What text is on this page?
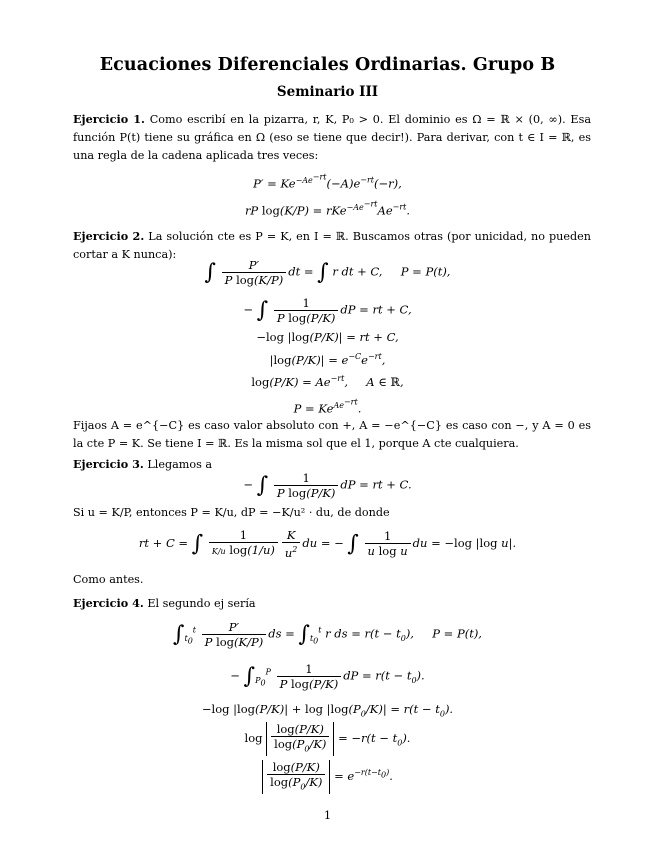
Ecuaciones Diferenciales Ordinarias. Grupo B
Seminario III
Ejercicio 1. Como escribí en la pizarra, r, K, P₀ > 0. El dominio es Ω = ℝ × (0, ∞). Esa función P(t) tiene su gráfica en Ω (eso se tiene que decir!). Para derivar, con t ∈ I = ℝ, es una regla de la cadena aplicada tres veces:
$P' = Ke^{-Ae^{-rt}}(-A)e^{-rt}(-r)$,
rP $\log(K/P) = rKe^{-Ae^{-rt}}Ae^{-rt}$.
Ejercicio 2. La solución cte es P = K, en I = ℝ. Buscamos otras (por unicidad, no pueden cortar a K nunca):
∫ $\frac{P'}{\text{P log(K/P)}}$ dt = ∫ r dt + C,     P = P(t),
− ∫ $\frac{1}{\text{P log(P/K)}}$ dP = rt + C,
−log |log(P/K)| = rt + C,
$|\log(P/K)| = e^{-C}e^{-rt}$,
$\log(P/K) = Ae^{-rt}$,     A ∈ ℝ,
$P = Ke^{Ae^{-rt}}$.
Fijaos A = e^{−C} es caso valor absoluto con +, A = −e^{−C} es caso con −, y A = 0 es la cte P = K. Se tiene I = ℝ. Es la misma sol que el 1, porque A cte cualquiera.
Ejercicio 3. Llegamos a
− ∫ $\frac{1}{\text{P log(P/K)}}$ dP = rt + C.
Si u = K/P, entonces P = K/u, dP = −K/u² · du, de donde
rt + C = ∫ $\frac{1}{\text{K/u log(1/u)}} \frac{K}{u^2}$ du = − ∫ $\frac{1}{\text{u log u}}$ du = −log |log u|.
Como antes.
Ejercicio 4. El segundo ej sería
$\int_{t_0}^t \frac{P'}{\text{P log(K/P)}}$ ds = $\int_{t_0}^t$ r ds = $r(t - t_0)$,     P = P(t),
− $\int_{P_0}^P \frac{1}{\text{P log(P/K)}}$ dP = $r(t - t_0)$.
−log $|\log(P/K)| + \log |\log(P_0/K)| = r(t - t_0)$.
$\log \frac{\log(P/K)}{\log(P_0/K)} = -r(t - t_0)$.
$\frac{\log(P/K)}{\log(P_0/K)} = e^{-r(t-t_0)}$.
1
